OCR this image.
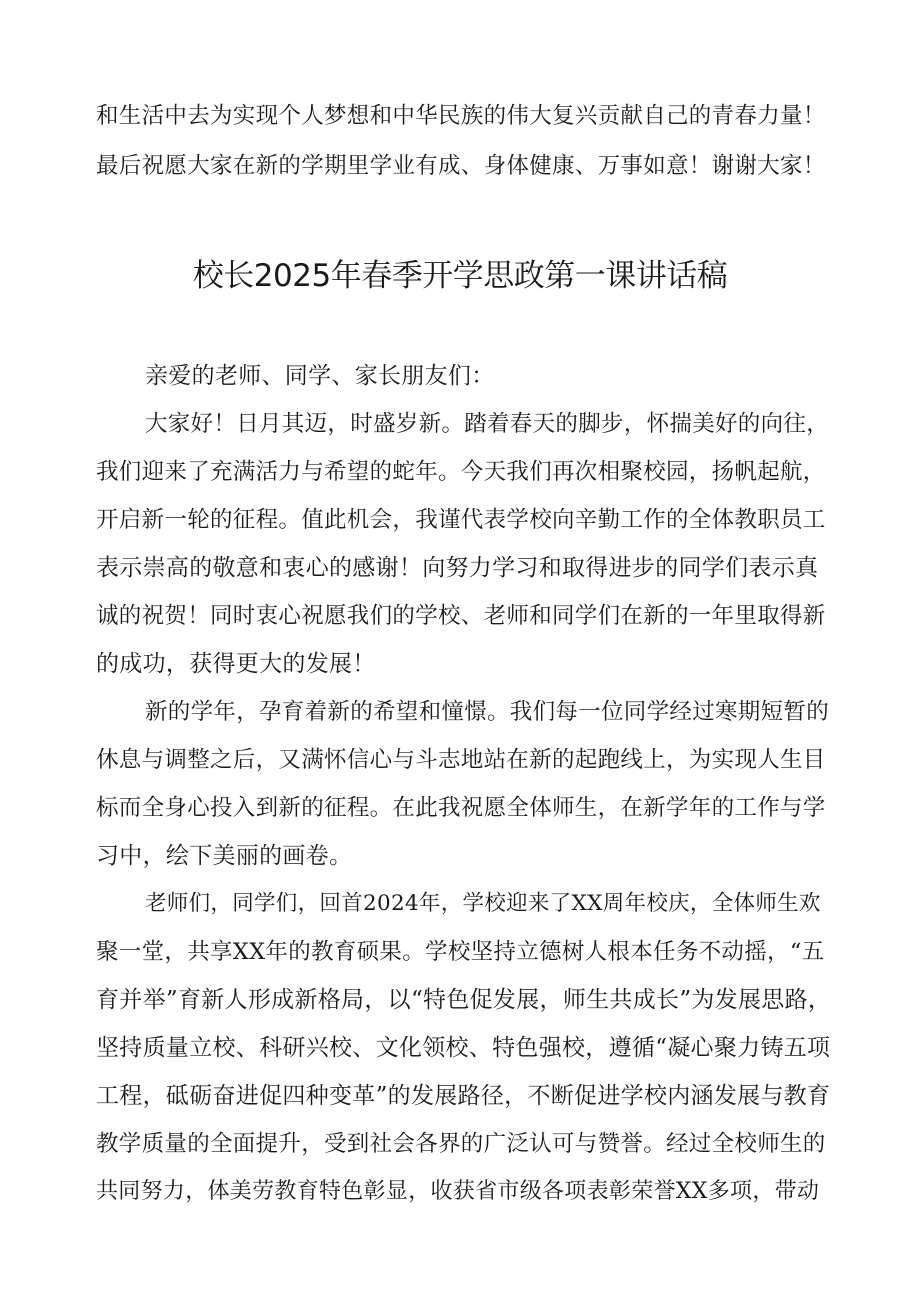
和生活中去为实现个人梦想和中华民族的伟大复兴贡献自己的青春力量！
最后祝愿大家在新的学期里学业有成、身体健康、万事如意！谢谢大家！
校长2025年春季开学思政第一课讲话稿
亲爱的老师、同学、家长朋友们：
大家好！日月其迈，时盛岁新。踏着春天的脚步，怀揣美好的向往，
我们迎来了充满活力与希望的蛇年。今天我们再次相聚校园，扬帆起航，
开启新一轮的征程。值此机会，我谨代表学校向辛勤工作的全体教职员工
表示崇高的敬意和衷心的感谢！向努力学习和取得进步的同学们表示真
诚的祝贺！同时衷心祝愿我们的学校、老师和同学们在新的一年里取得新
的成功，获得更大的发展！
新的学年，孕育着新的希望和憧憬。我们每一位同学经过寒期短暂的
休息与调整之后，又满怀信心与斗志地站在新的起跑线上，为实现人生目
标而全身心投入到新的征程。在此我祝愿全体师生，在新学年的工作与学
习中，绘下美丽的画卷。
老师们，同学们，回首2024年，学校迎来了XX周年校庆，全体师生欢
聚一堂，共享XX年的教育硕果。学校坚持立德树人根本任务不动摇，“五
育并举”育新人形成新格局，以“特色促发展，师生共成长”为发展思路，
坚持质量立校、科研兴校、文化领校、特色强校，遵循“凝心聚力铸五项
工程，砥砺奋进促四种变革”的发展路径，不断促进学校内涵发展与教育
教学质量的全面提升，受到社会各界的广泛认可与赞誉。经过全校师生的
共同努力，体美劳教育特色彰显，收获省市级各项表彰荣誉XX多项，带动
